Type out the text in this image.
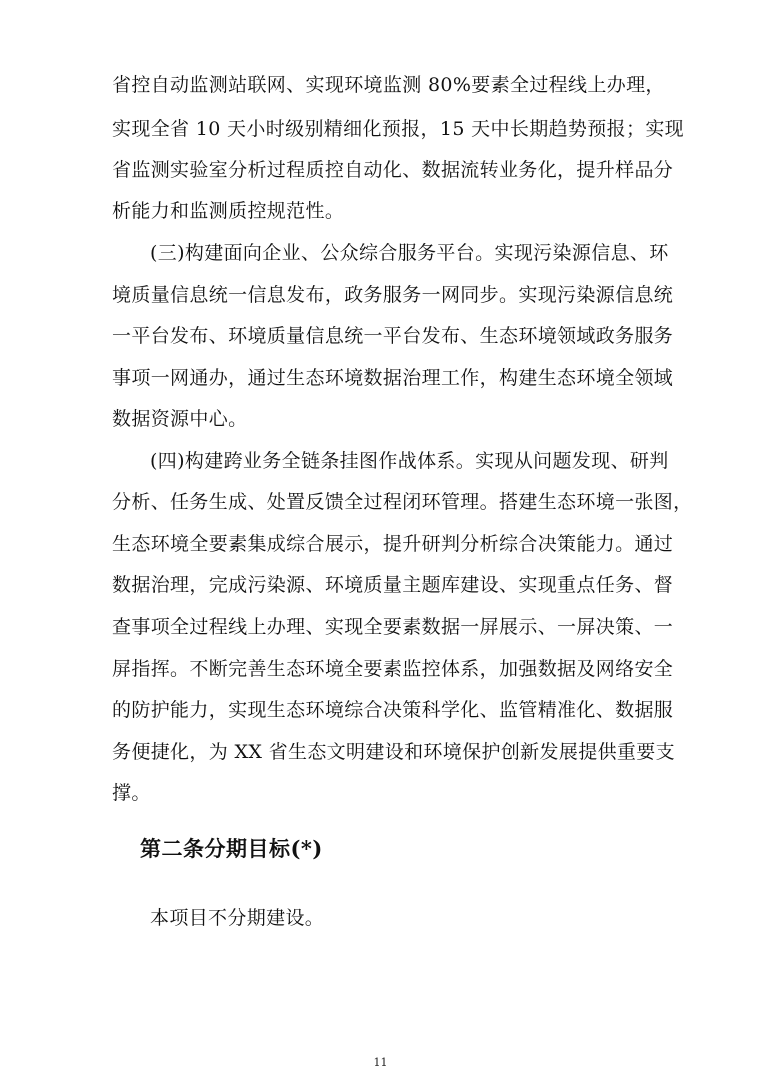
省控自动监测站联网、实现环境监测 80%要素全过程线上办理，
实现全省 10 天小时级别精细化预报，15 天中长期趋势预报；实现
省监测实验室分析过程质控自动化、数据流转业务化，提升样品分
析能力和监测质控规范性。
(三)构建面向企业、公众综合服务平台。实现污染源信息、环
境质量信息统一信息发布，政务服务一网同步。实现污染源信息统
一平台发布、环境质量信息统一平台发布、生态环境领域政务服务
事项一网通办，通过生态环境数据治理工作，构建生态环境全领域
数据资源中心。
(四)构建跨业务全链条挂图作战体系。实现从问题发现、研判
分析、任务生成、处置反馈全过程闭环管理。搭建生态环境一张图，
生态环境全要素集成综合展示，提升研判分析综合决策能力。通过
数据治理，完成污染源、环境质量主题库建设、实现重点任务、督
查事项全过程线上办理、实现全要素数据一屏展示、一屏决策、一
屏指挥。不断完善生态环境全要素监控体系，加强数据及网络安全
的防护能力，实现生态环境综合决策科学化、监管精准化、数据服
务便捷化，为 XX 省生态文明建设和环境保护创新发展提供重要支
撑。
第二条分期目标(*)
本项目不分期建设。
11
